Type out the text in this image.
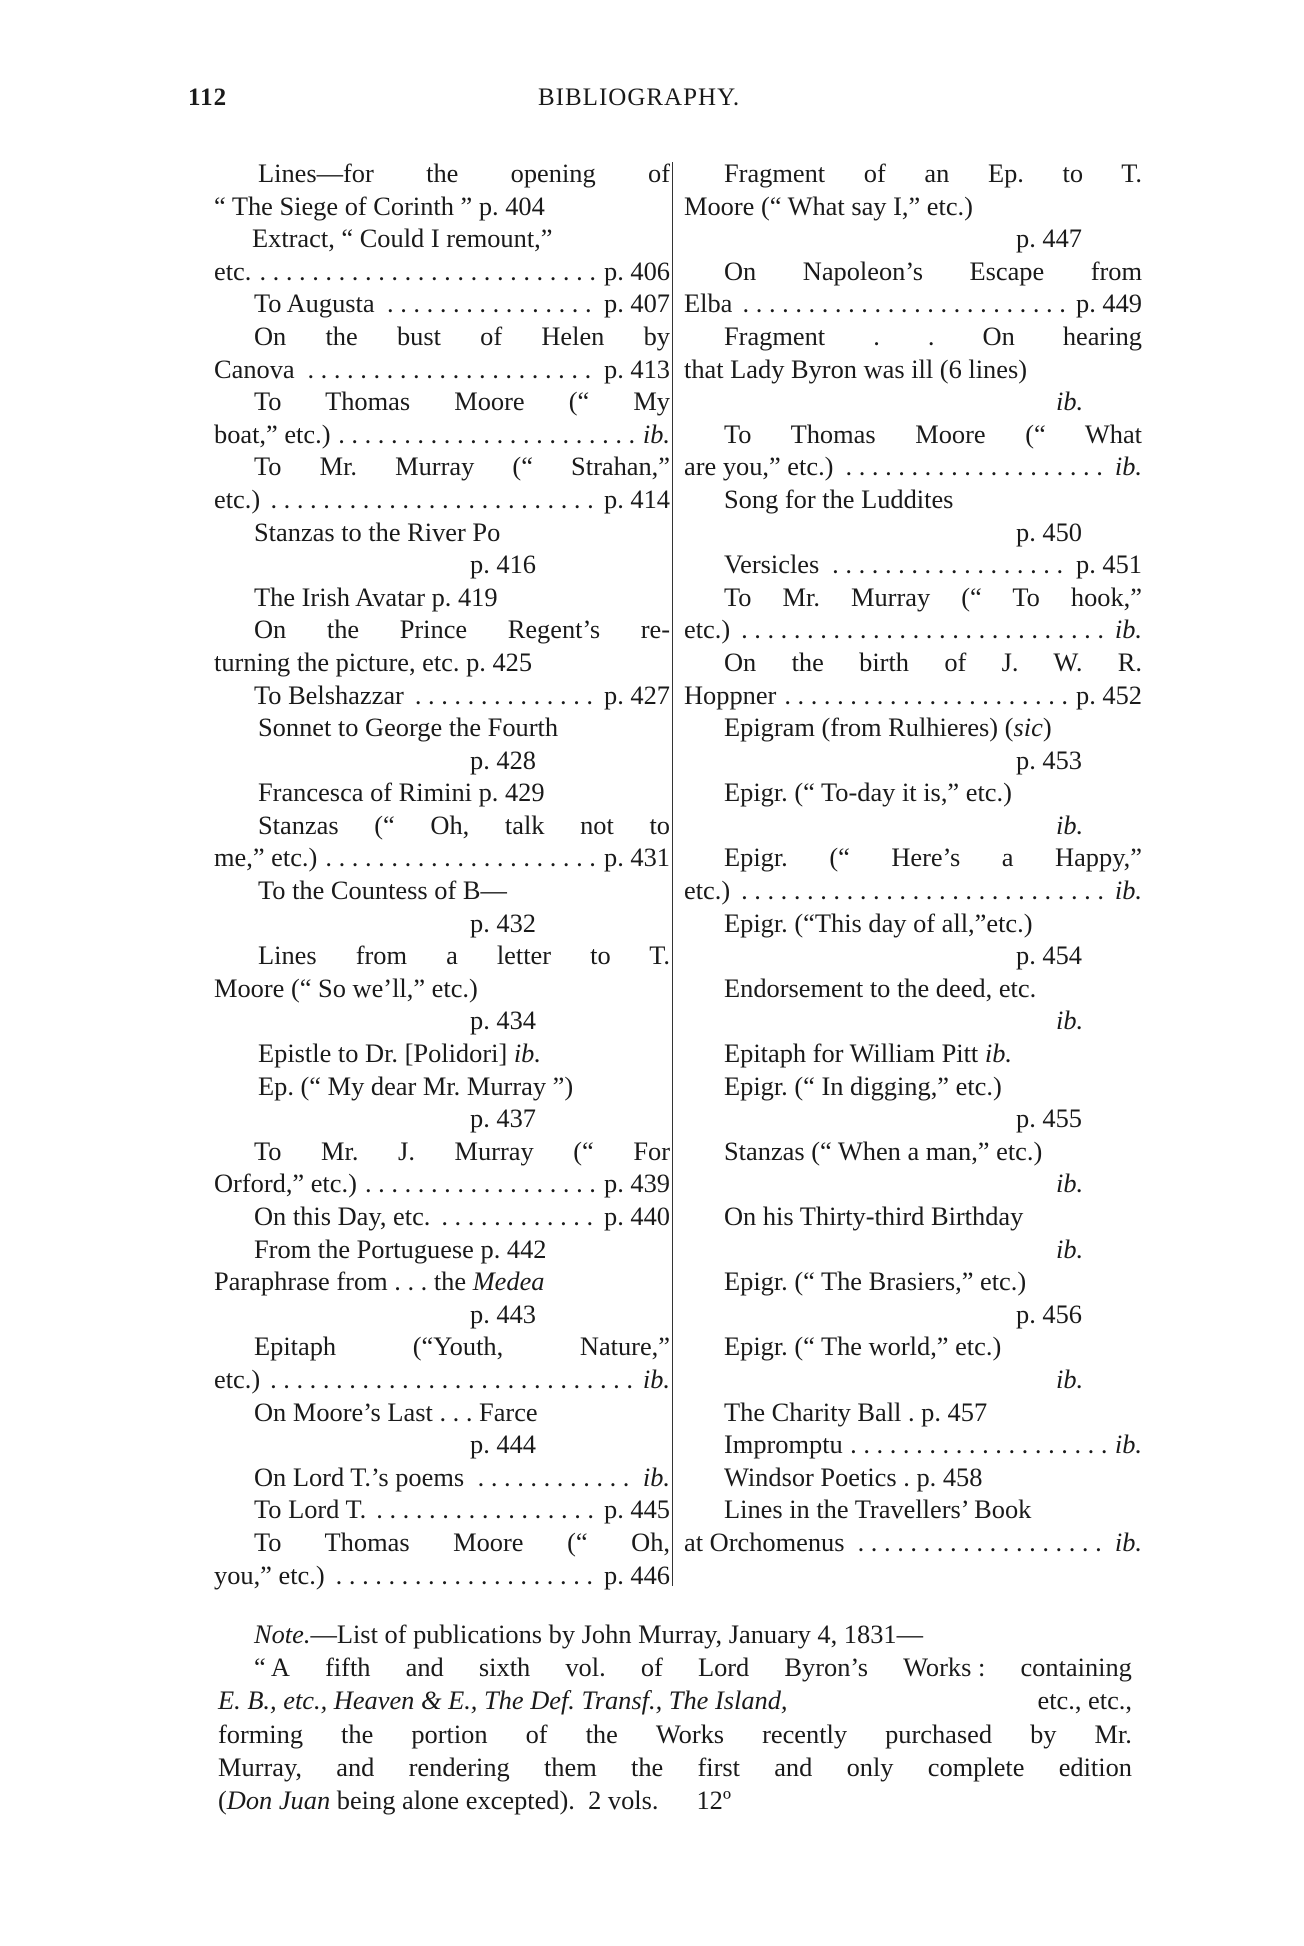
112	BIBLIOGRAPHY.
Lines—for the opening of
“ The Siege of Corinth ” p. 404
Extract, “ Could I remount,”
etc. . . . . . . . . . . . . . . . . . . . . . . . . . . p. 406
To Augusta . . . . . . . . . . . . . . . . p. 407
On the bust of Helen by
Canova . . . . . . . . . . . . . . . . . . . . . . p. 413
To Thomas Moore (“ My
boat,” etc.) . . . . . . . . . . . . . . . . . . . . . . . ib.
To Mr. Murray (“ Strahan,”
etc.) . . . . . . . . . . . . . . . . . . . . . . . . . p. 414
Stanzas to the River Po
p. 416
The Irish Avatar p. 419
On the Prince Regent’s re-
turning the picture, etc. p. 425
To Belshazzar . . . . . . . . . . . . . . p. 427
Sonnet to George the Fourth
p. 428
Francesca of Rimini p. 429
Stanzas (“ Oh, talk not to
me,” etc.) . . . . . . . . . . . . . . . . . . . . . p. 431
To the Countess of B—
p. 432
Lines from a letter to T.
Moore (“ So we’ll,” etc.)
p. 434
Epistle to Dr. [Polidori] ib.
Ep. (“ My dear Mr. Murray ”)
p. 437
To Mr. J. Murray (“ For
Orford,” etc.) . . . . . . . . . . . . . . . . . . p. 439
On this Day, etc. . . . . . . . . . . . . p. 440
From the Portuguese p. 442
Paraphrase from . . . the Medea
p. 443
Epitaph (“Youth, Nature,”
etc.) . . . . . . . . . . . . . . . . . . . . . . . . . . . . ib.
On Moore’s Last . . . Farce
p. 444
On Lord T.’s poems . . . . . . . . . . . . ib.
To Lord T. . . . . . . . . . . . . . . . . . p. 445
To Thomas Moore (“ Oh,
you,” etc.) . . . . . . . . . . . . . . . . . . . . p. 446
Fragment of an Ep. to T.
Moore (“ What say I,” etc.)
p. 447
On Napoleon’s Escape from
Elba . . . . . . . . . . . . . . . . . . . . . . . . . p. 449
Fragment . . On hearing
that Lady Byron was ill (6 lines)
ib.
To Thomas Moore (“ What
are you,” etc.) . . . . . . . . . . . . . . . . . . . . ib.
Song for the Luddites
p. 450
Versicles . . . . . . . . . . . . . . . . . . p. 451
To Mr. Murray (“ To hook,”
etc.) . . . . . . . . . . . . . . . . . . . . . . . . . . . . ib.
On the birth of J. W. R.
Hoppner . . . . . . . . . . . . . . . . . . . . . . p. 452
Epigram (from Rulhieres) (sic)
p. 453
Epigr. (“ To-day it is,” etc.)
ib.
Epigr. (“ Here’s a Happy,”
etc.) . . . . . . . . . . . . . . . . . . . . . . . . . . . . ib.
Epigr. (“This day of all,”etc.)
p. 454
Endorsement to the deed, etc.
ib.
Epitaph for William Pitt ib.
Epigr. (“ In digging,” etc.)
p. 455
Stanzas (“ When a man,” etc.)
ib.
On his Thirty-third Birthday
ib.
Epigr. (“ The Brasiers,” etc.)
p. 456
Epigr. (“ The world,” etc.)
ib.
The Charity Ball . p. 457
Impromptu . . . . . . . . . . . . . . . . . . . . ib.
Windsor Poetics . p. 458
Lines in the Travellers’ Book
at Orchomenus . . . . . . . . . . . . . . . . . . . ib.
Note. —List of publications by John Murray, January 4, 1831—
“ A fifth and sixth vol. of Lord Byron’s Works : containing
E. B., etc., Heaven & E., The Def. Transf., The Island,	etc., etc.,
forming the portion of the Works recently purchased by Mr.
Murray, and rendering them the first and only complete edition
( Don Juan being alone excepted). 2 vols. 12º
